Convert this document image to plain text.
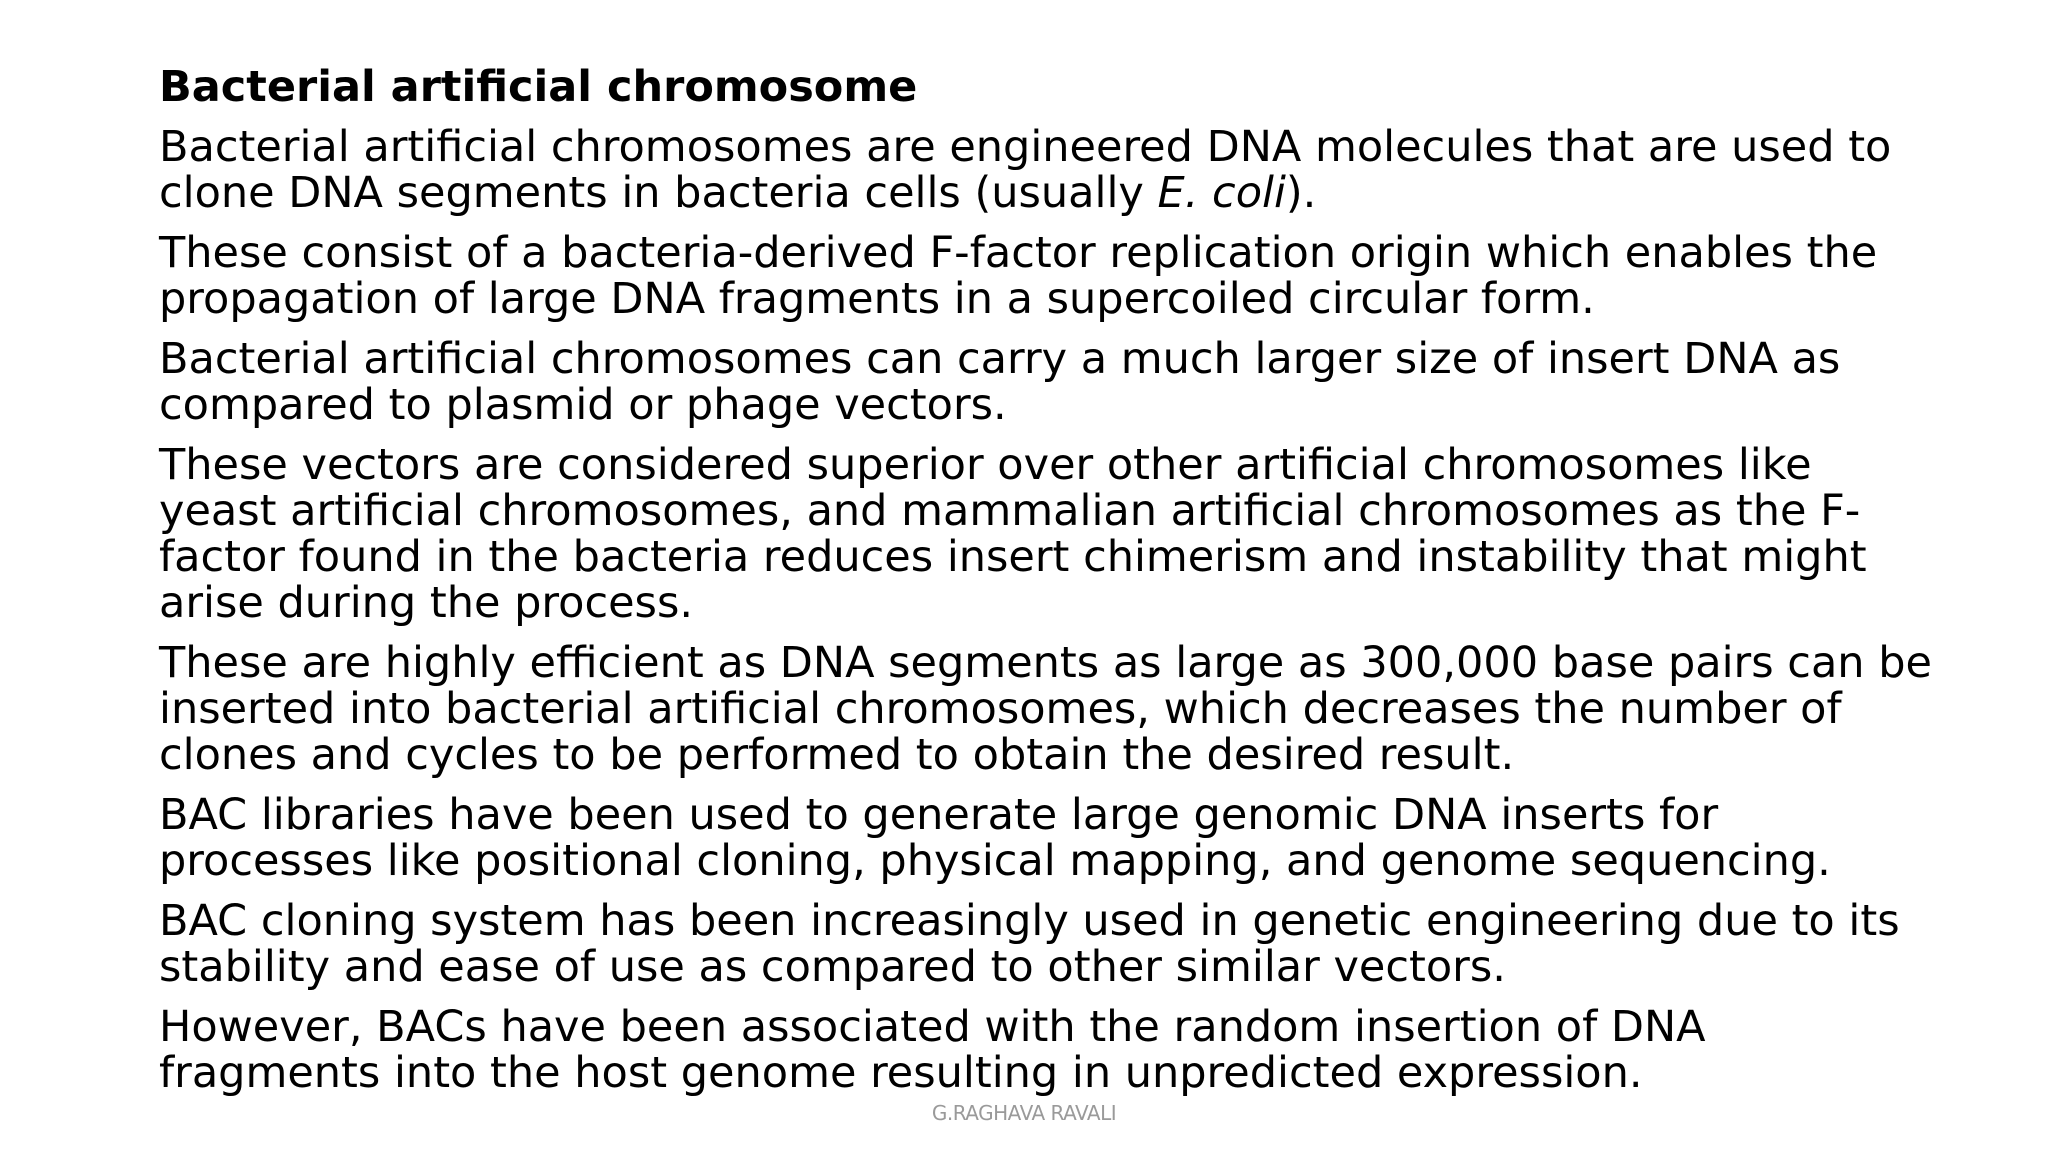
Bacterial artificial chromosome
Bacterial artificial chromosomes are engineered DNA molecules that are used to clone DNA segments in bacteria cells (usually E. coli).
These consist of a bacteria-derived F-factor replication origin which enables the propagation of large DNA fragments in a supercoiled circular form.
Bacterial artificial chromosomes can carry a much larger size of insert DNA as compared to plasmid or phage vectors.
These vectors are considered superior over other artificial chromosomes like yeast artificial chromosomes, and mammalian artificial chromosomes as the F-factor found in the bacteria reduces insert chimerism and instability that might arise during the process.
These are highly efficient as DNA segments as large as 300,000 base pairs can be inserted into bacterial artificial chromosomes, which decreases the number of clones and cycles to be performed to obtain the desired result.
BAC libraries have been used to generate large genomic DNA inserts for processes like positional cloning, physical mapping, and genome sequencing.
BAC cloning system has been increasingly used in genetic engineering due to its stability and ease of use as compared to other similar vectors.
However, BACs have been associated with the random insertion of DNA fragments into the host genome resulting in unpredicted expression.
G.RAGHAVA RAVALI
